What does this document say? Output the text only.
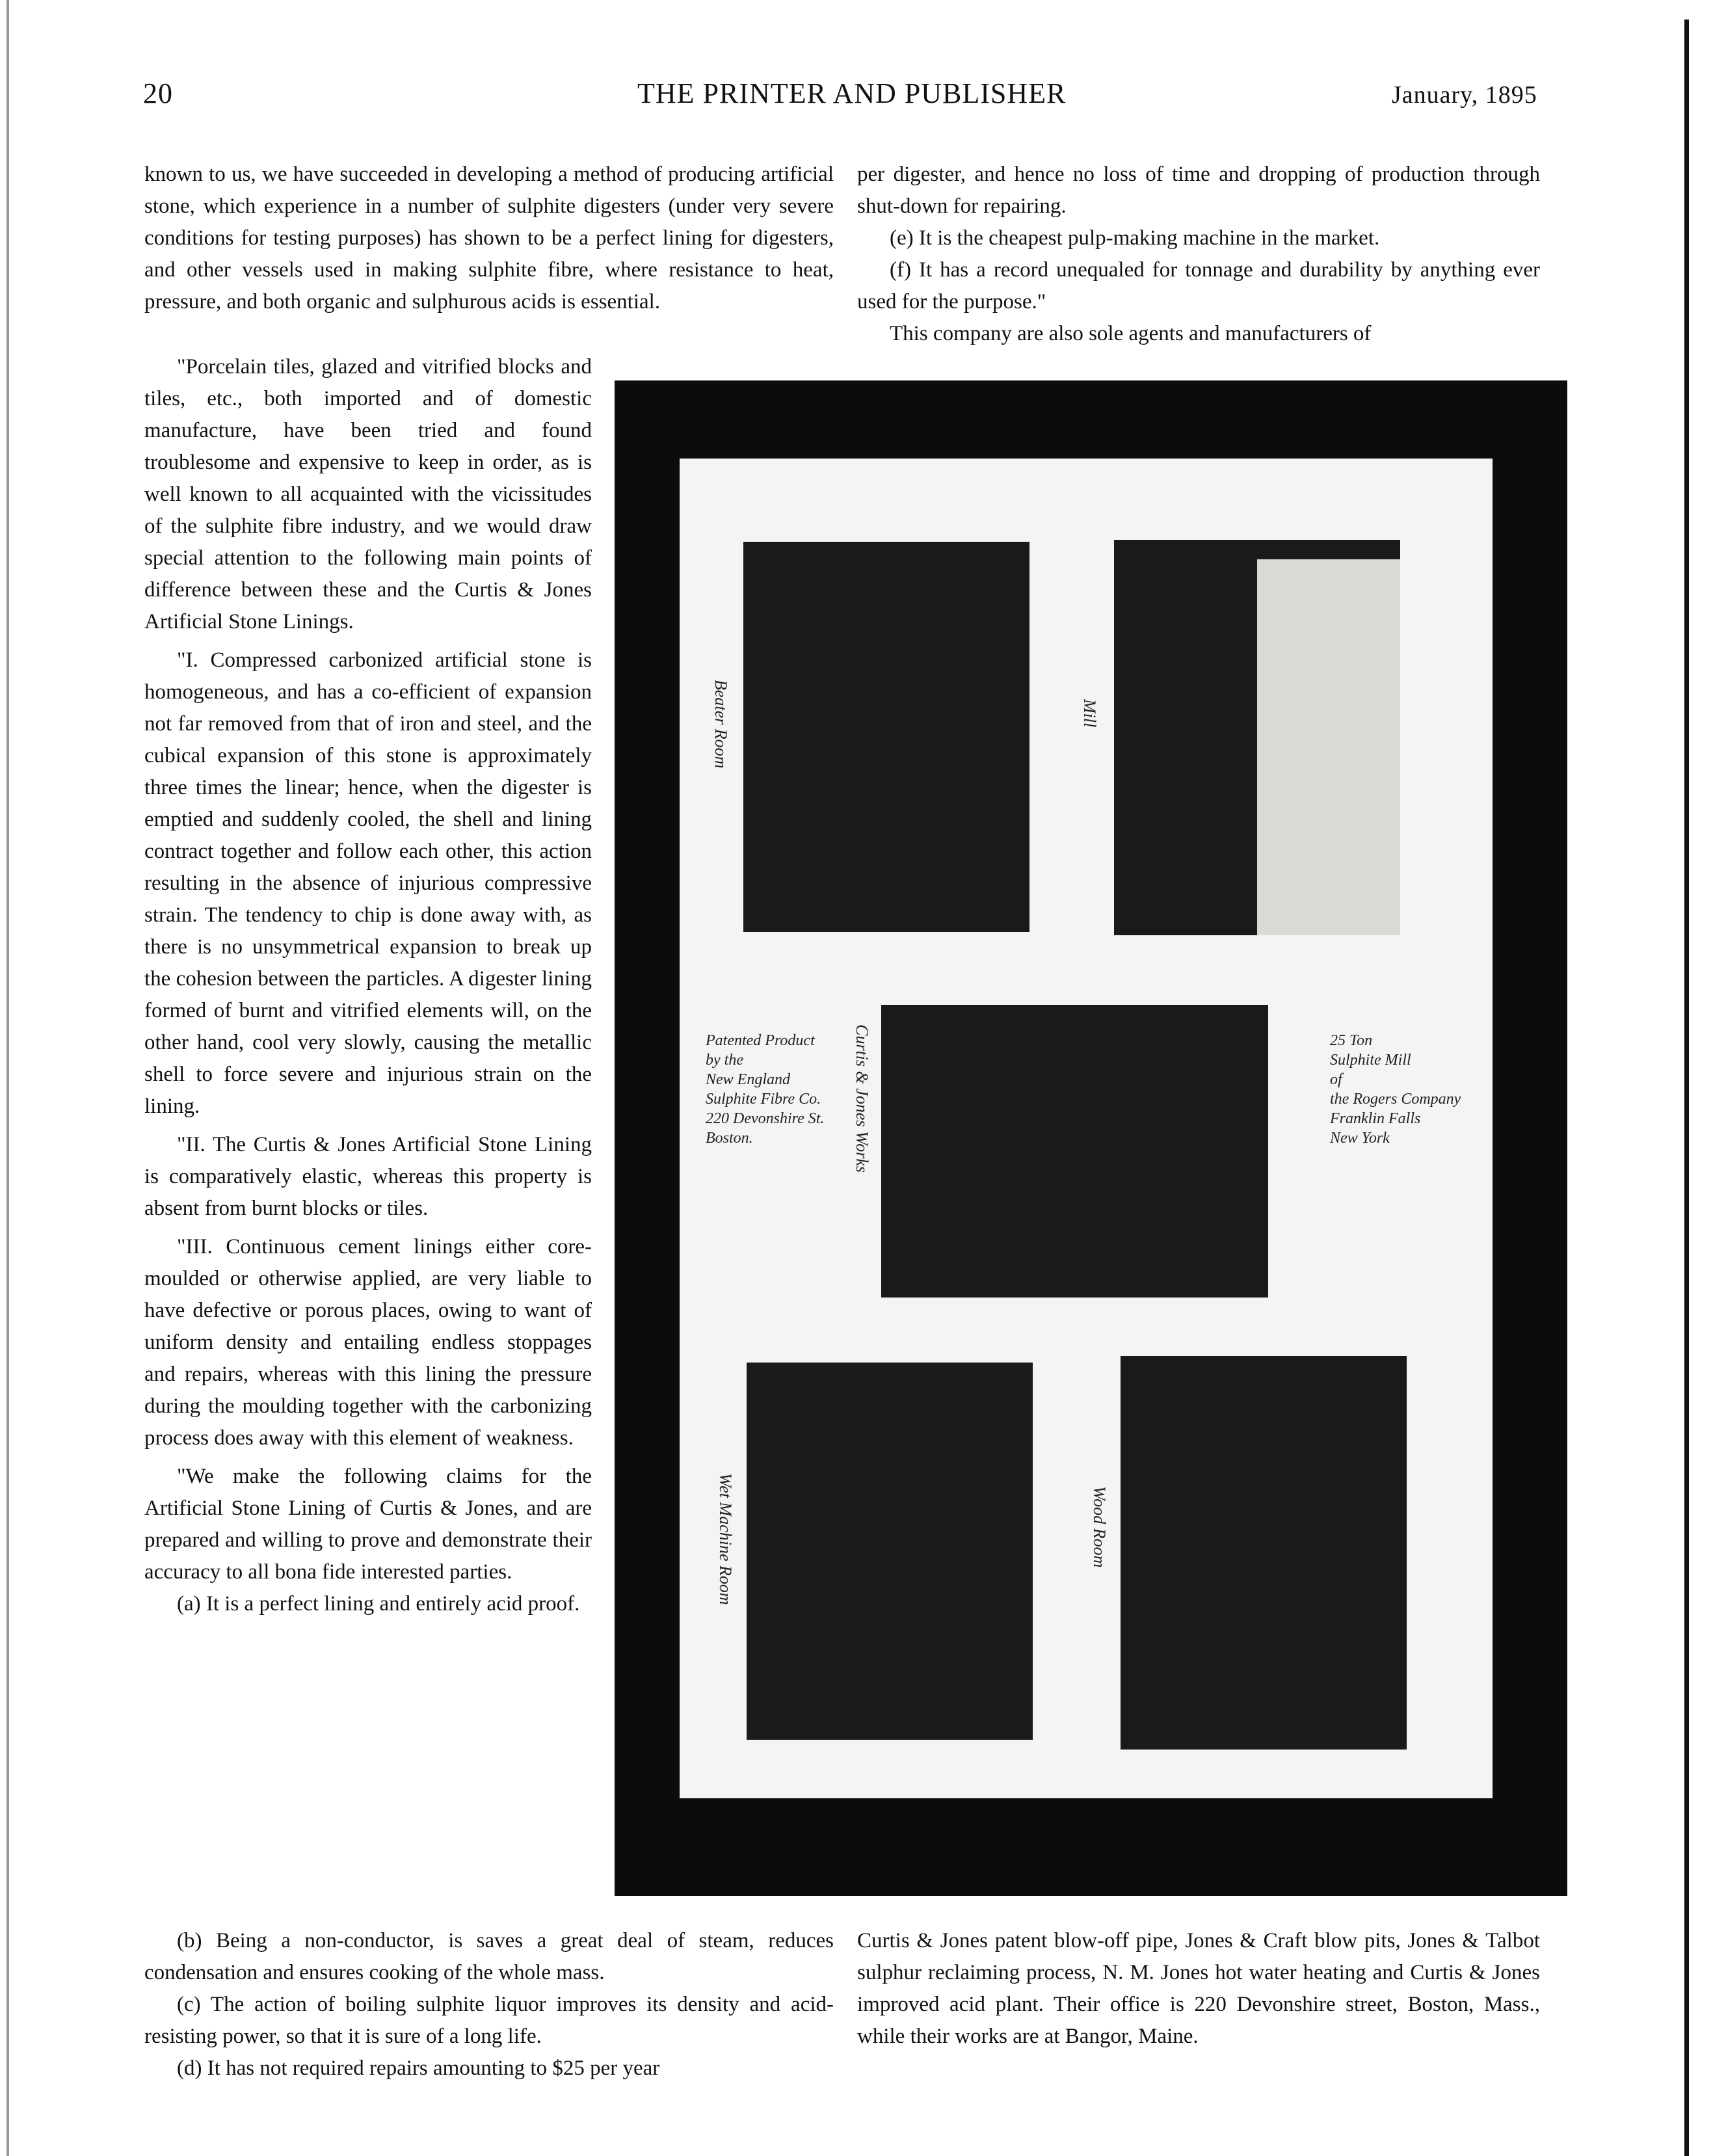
20	THE PRINTER AND PUBLISHER	January, 1895

known to us, we have succeeded in developing a method of producing artificial stone, which experience in a number of sulphite digesters (under very severe conditions for testing purposes) has shown to be a perfect lining for digesters, and other vessels used in making sulphite fibre, where resistance to heat, pressure, and both organic and sulphurous acids is essential.

per digester, and hence no loss of time and dropping of production through shut-down for repairing.

(e) It is the cheapest pulp-making machine in the market.

(f) It has a record unequaled for tonnage and durability by anything ever used for the purpose."

This company are also sole agents and manufacturers of

"Porcelain tiles, glazed and vitrified blocks and tiles, etc., both imported and of domestic manufacture, have been tried and found troublesome and expensive to keep in order, as is well known to all acquainted with the vicissitudes of the sulphite fibre industry, and we would draw special attention to the following main points of difference between these and the Curtis & Jones Artificial Stone Linings.

"I. Compressed carbonized artificial stone is homogeneous, and has a co-efficient of expansion not far removed from that of iron and steel, and the cubical expansion of this stone is approximately three times the linear; hence, when the digester is emptied and suddenly cooled, the shell and lining contract together and follow each other, this action resulting in the absence of injurious compressive strain. The tendency to chip is done away with, as there is no unsymmetrical expansion to break up the cohesion between the particles. A digester lining formed of burnt and vitrified elements will, on the other hand, cool very slowly, causing the metallic shell to force severe and injurious strain on the lining.

"II. The Curtis & Jones Artificial Stone Lining is comparatively elastic, whereas this property is absent from burnt blocks or tiles.

"III. Continuous cement linings either core-moulded or otherwise applied, are very liable to have defective or porous places, owing to want of uniform density and entailing endless stoppages and repairs, whereas with this lining the pressure during the moulding together with the carbonizing process does away with this element of weakness.

"We make the following claims for the Artificial Stone Lining of Curtis & Jones, and are prepared and willing to prove and demonstrate their accuracy to all bona fide interested parties.

(a) It is a perfect lining and entirely acid proof.

Beater Room	Mill
Curtis & Jones Works
Wet Machine Room	Wood Room
Patented Product
by the
New England Sulphite Fibre Co.
220 Devonshire St.
Boston.
25 Ton
Sulphite Mill
of
the Rogers Company
Franklin Falls
New York

(b) Being a non-conductor, is saves a great deal of steam, reduces condensation and ensures cooking of the whole mass.

(c) The action of boiling sulphite liquor improves its density and acid-resisting power, so that it is sure of a long life.

(d) It has not required repairs amounting to $25 per year

Curtis & Jones patent blow-off pipe, Jones & Craft blow pits, Jones & Talbot sulphur reclaiming process, N. M. Jones hot water heating and Curtis & Jones improved acid plant. Their office is 220 Devonshire street, Boston, Mass., while their works are at Bangor, Maine.
